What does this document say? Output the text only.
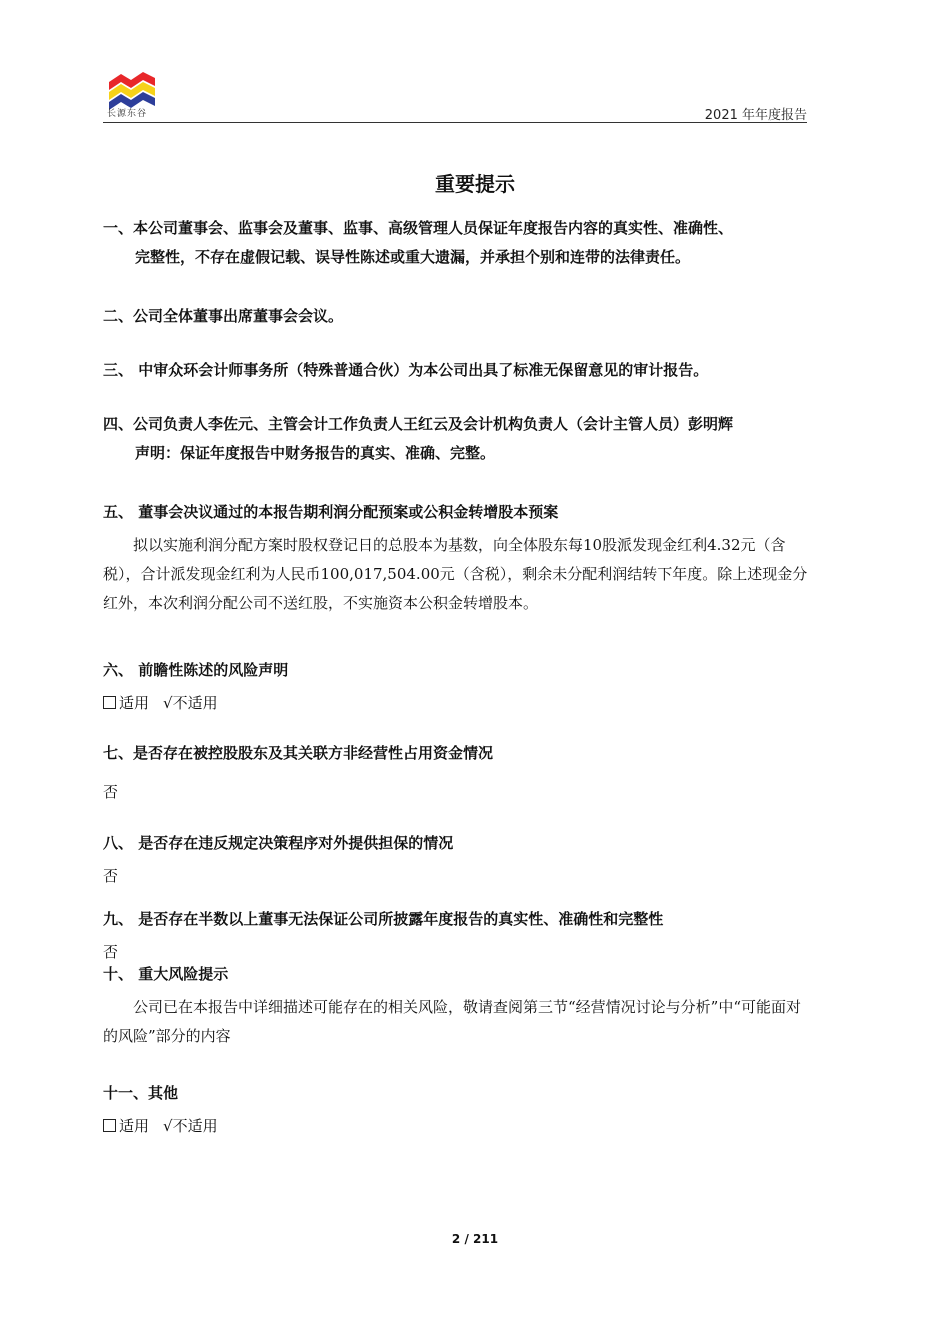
长源东谷	2021 年年度报告
重要提示
一、本公司董事会、监事会及董事、监事、高级管理人员保证年度报告内容的真实性、准确性、
完整性，不存在虚假记载、误导性陈述或重大遗漏，并承担个别和连带的法律责任。
二、公司全体董事出席董事会会议。
三、 中审众环会计师事务所（特殊普通合伙）为本公司出具了标准无保留意见的审计报告。
四、公司负责人李佐元、主管会计工作负责人王红云及会计机构负责人（会计主管人员）彭明辉
声明：保证年度报告中财务报告的真实、准确、完整。
五、 董事会决议通过的本报告期利润分配预案或公积金转增股本预案
拟以实施利润分配方案时股权登记日的总股本为基数，向全体股东每10股派发现金红利4.32元（含税），合计派发现金红利为人民币100,017,504.00元（含税），剩余未分配利润结转下年度。除上述现金分红外，本次利润分配公司不送红股，不实施资本公积金转增股本。
六、 前瞻性陈述的风险声明
适用 √不适用
七、是否存在被控股股东及其关联方非经营性占用资金情况
否
八、 是否存在违反规定决策程序对外提供担保的情况
否
九、 是否存在半数以上董事无法保证公司所披露年度报告的真实性、准确性和完整性
否
十、 重大风险提示
公司已在本报告中详细描述可能存在的相关风险，敬请查阅第三节“经营情况讨论与分析”中“可能面对的风险”部分的内容
十一、其他
适用 √不适用
2 / 211
